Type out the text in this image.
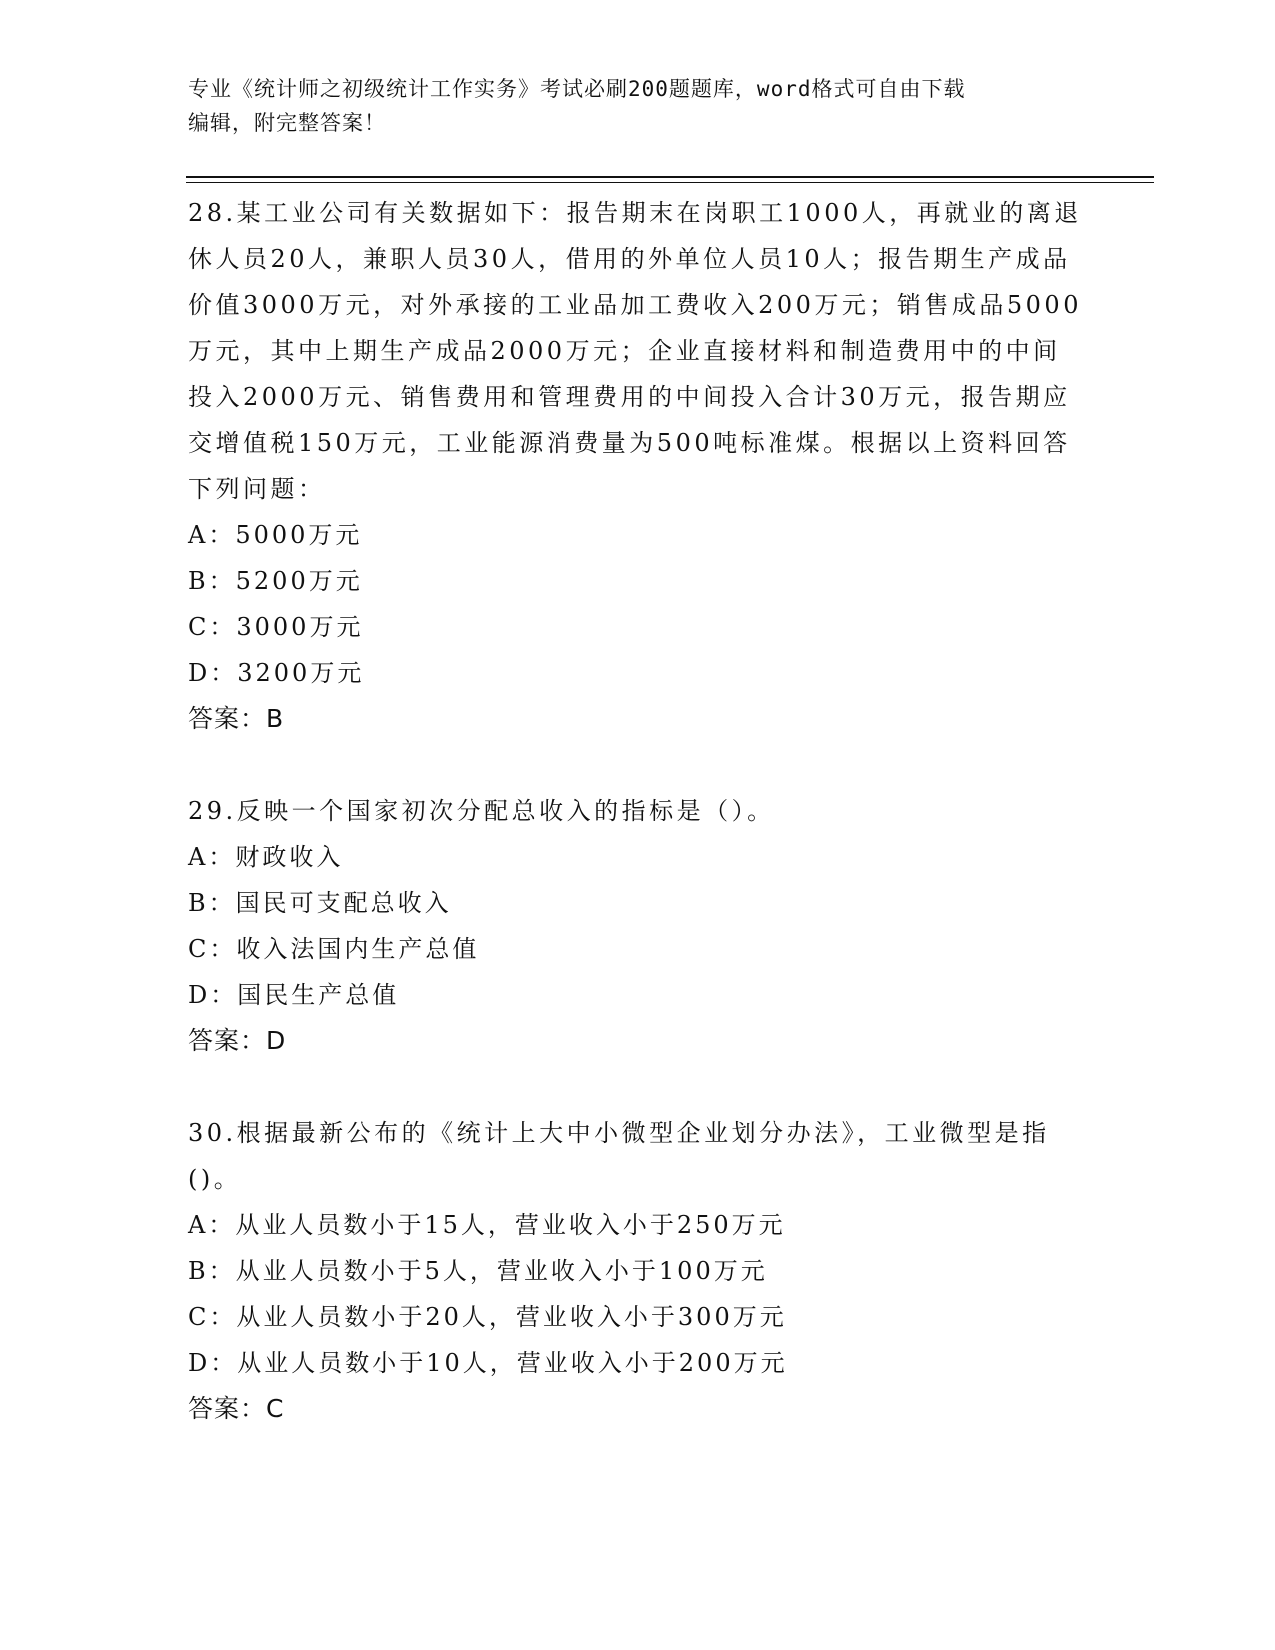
专业《统计师之初级统计工作实务》考试必刷200题题库，word格式可自由下载
编辑，附完整答案！

28.某工业公司有关数据如下：报告期末在岗职工1000人，再就业的离退休人员20人，兼职人员30人，借用的外单位人员10人；报告期生产成品价值3000万元，对外承接的工业品加工费收入200万元；销售成品5000万元，其中上期生产成品2000万元；企业直接材料和制造费用中的中间投入2000万元、销售费用和管理费用的中间投入合计30万元，报告期应交增值税150万元，工业能源消费量为500吨标准煤。根据以上资料回答下列问题：

A：5000万元

B：5200万元

C：3000万元

D：3200万元

答案：B

29.反映一个国家初次分配总收入的指标是（）。

A：财政收入

B：国民可支配总收入

C：收入法国内生产总值

D：国民生产总值

答案：D

30.根据最新公布的《统计上大中小微型企业划分办法》，工业微型是指()。

A：从业人员数小于15人，营业收入小于250万元

B：从业人员数小于5人，营业收入小于100万元

C：从业人员数小于20人，营业收入小于300万元

D：从业人员数小于10人，营业收入小于200万元

答案：C
